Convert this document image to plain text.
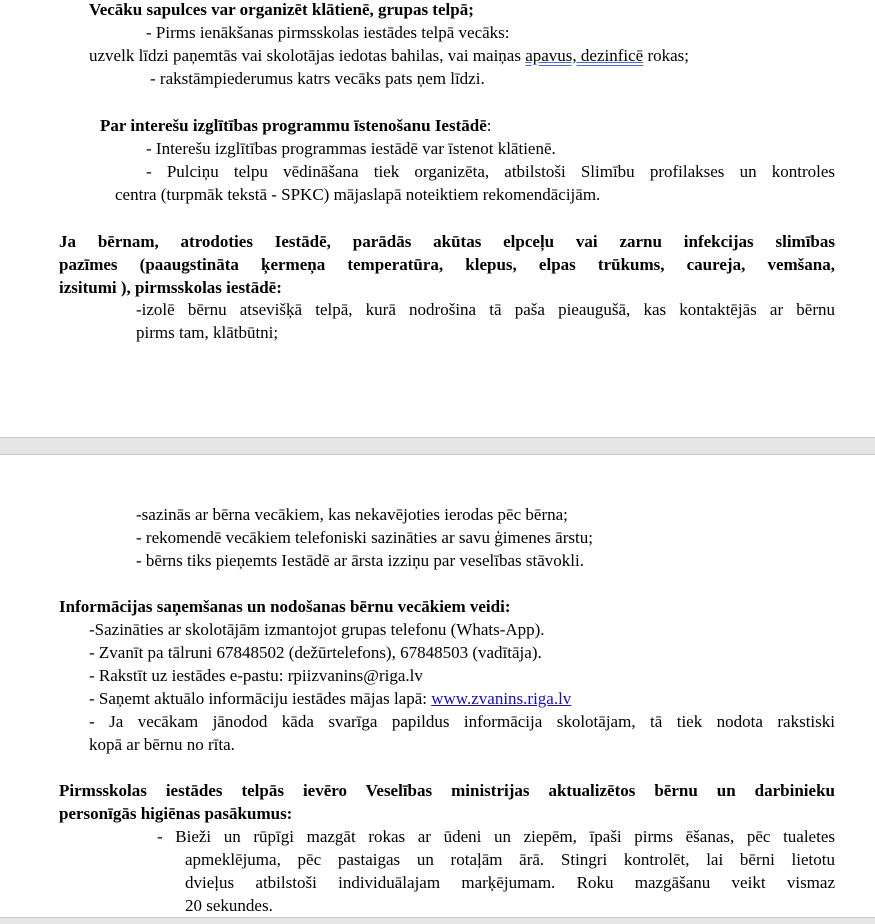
Vecāku sapulces var organizēt klātienē, grupas telpā;
- Pirms ienākšanas pirmsskolas iestādes telpā vecāks:
uzvelk līdzi paņemtās vai skolotājas iedotas bahilas, vai maiņas apavus, dezinficē rokas;
- rakstāmpiederumus katrs vecāks pats ņem līdzi.
Par interešu izglītības programmu īstenošanu Iestādē:
- Interešu izglītības programmas iestādē var īstenot klātienē.
- Pulciņu telpu vēdināšana tiek organizēta, atbilstoši Slimību profilakses un kontroles
centra (turpmāk tekstā - SPKC) mājaslapā noteiktiem rekomendācijām.
Ja bērnam, atrodoties Iestādē, parādās akūtas elpceļu vai zarnu infekcijas slimības
pazīmes (paaugstināta ķermeņa temperatūra, klepus, elpas trūkums, caureja, vemšana,
izsitumi ), pirmsskolas iestādē:
-izolē bērnu atsevišķā telpā, kurā nodrošina tā paša pieaugušā, kas kontaktējās ar bērnu
pirms tam, klātbūtni;
-sazinās ar bērna vecākiem, kas nekavējoties ierodas pēc bērna;
- rekomendē vecākiem telefoniski sazināties ar savu ģimenes ārstu;
- bērns tiks pieņemts Iestādē ar ārsta izziņu par veselības stāvokli.
Informācijas saņemšanas un nodošanas bērnu vecākiem veidi:
-Sazināties ar skolotājām izmantojot grupas telefonu (Whats-App).
- Zvanīt pa tālruni 67848502 (dežūrtelefons), 67848503 (vadītāja).
- Rakstīt uz iestādes e-pastu: rpiizvanins@riga.lv
- Saņemt aktuālo informāciju iestādes mājas lapā: www.zvanins.riga.lv
- Ja vecākam jānodod kāda svarīga papildus informācija skolotājam, tā tiek nodota rakstiski
kopā ar bērnu no rīta.
Pirmsskolas iestādes telpās ievēro Veselības ministrijas aktualizētos bērnu un darbinieku
personīgās higiēnas pasākumus:
- Bieži un rūpīgi mazgāt rokas ar ūdeni un ziepēm, īpaši pirms ēšanas, pēc tualetes
apmeklējuma, pēc pastaigas un rotaļām ārā. Stingri kontrolēt, lai bērni lietotu
dvieļus atbilstoši individuālajam marķējumam. Roku mazgāšanu veikt vismaz
20 sekundes.
